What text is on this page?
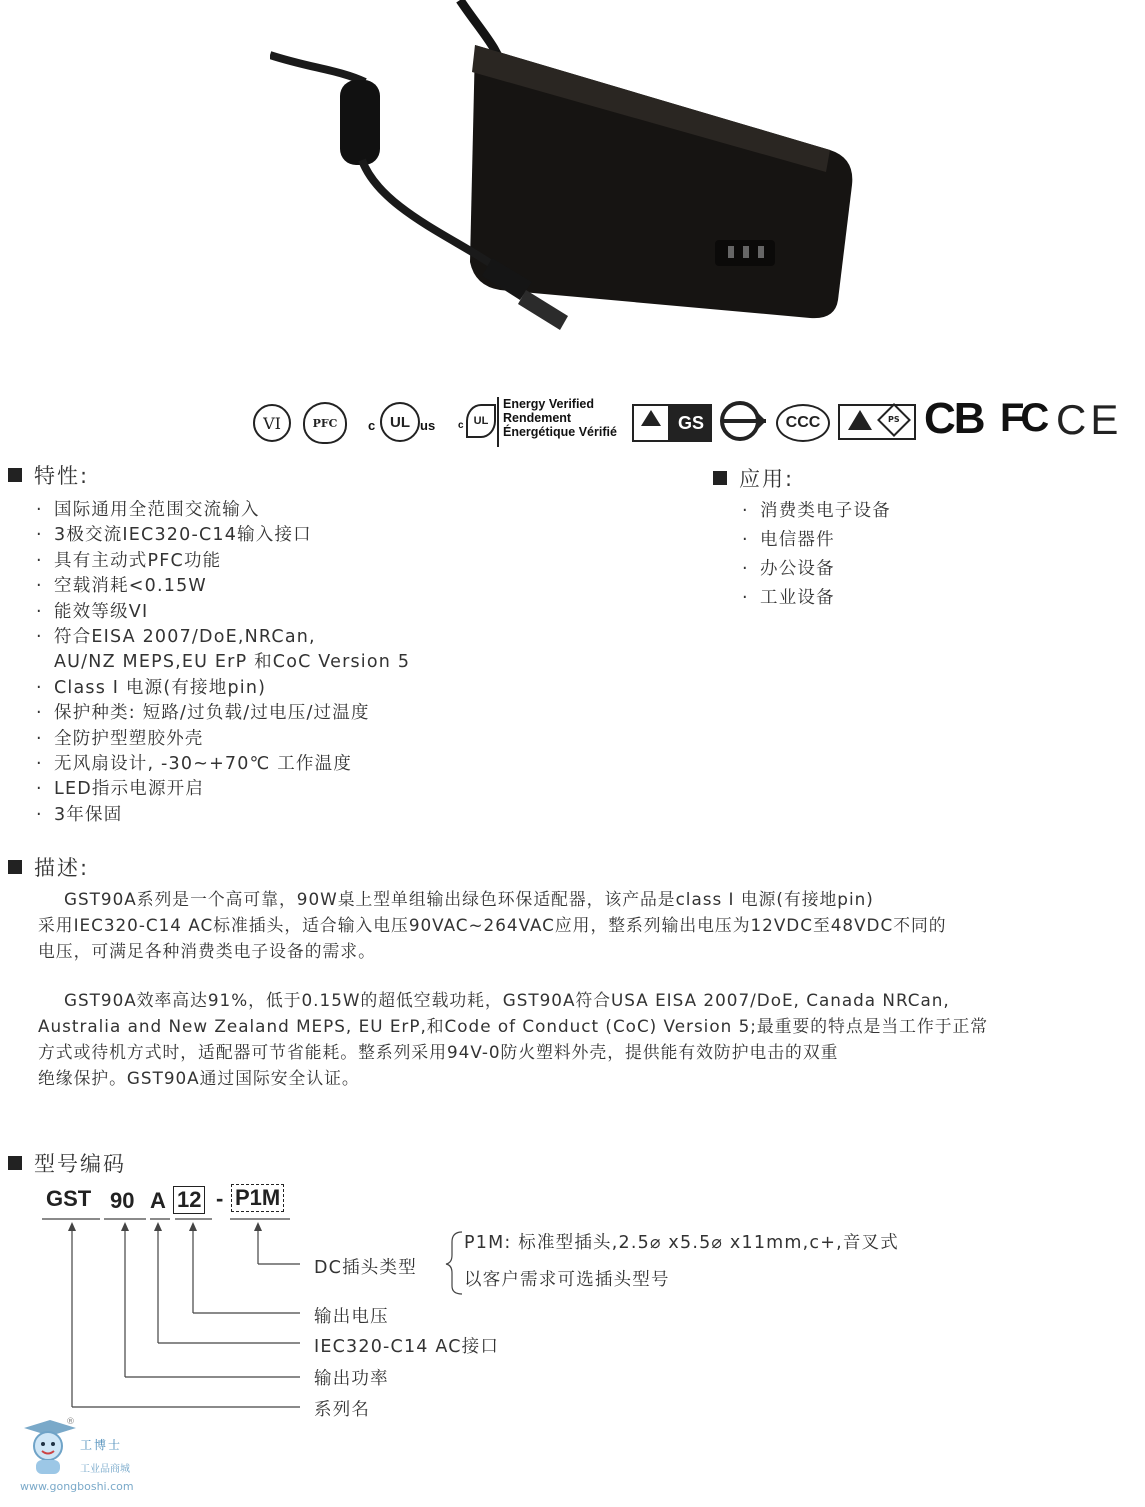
VI	PFC c UL us c UL
Energy Verified
Rendement
Énergétique Vérifié	GS	CCC	PS CB FC CE
特性:
· 国际通用全范围交流输入
· 3极交流IEC320-C14输入接口
· 具有主动式PFC功能
· 空载消耗<0.15W
· 能效等级VI
· 符合EISA 2007/DoE,NRCan,
AU/NZ MEPS,EU ErP 和CoC Version 5
· Class Ⅰ 电源(有接地pin)
· 保护种类: 短路/过负载/过电压/过温度
· 全防护型塑胶外壳
· 无风扇设计, -30~+70℃ 工作温度
· LED指示电源开启
· 3年保固
应用:
· 消费类电子设备
· 电信器件
· 办公设备
· 工业设备
描述:
GST90A系列是一个高可靠，90W桌上型单组输出绿色环保适配器，该产品是class Ⅰ 电源(有接地pin)
采用IEC320-C14 AC标准插头，适合输入电压90VAC~264VAC应用，整系列输出电压为12VDC至48VDC不同的
电压，可满足各种消费类电子设备的需求。
GST90A效率高达91%，低于0.15W的超低空载功耗，GST90A符合USA EISA 2007/DoE, Canada NRCan,
Australia and New Zealand MEPS, EU ErP,和Code of Conduct (CoC) Version 5;最重要的特点是当工作于正常
方式或待机方式时，适配器可节省能耗。整系列采用94V-0防火塑料外壳，提供能有效防护电击的双重
绝缘保护。GST90A通过国际安全认证。
型号编码
GST 90 A 12 - P1M
DC插头类型
P1M: 标准型插头,2.5⌀ x5.5⌀ x11mm,c+,音叉式
以客户需求可选插头型号
输出电压
IEC320-C14 AC接口
输出功率
系列名
®
工博士
工业品商城
www.gongboshi.com
